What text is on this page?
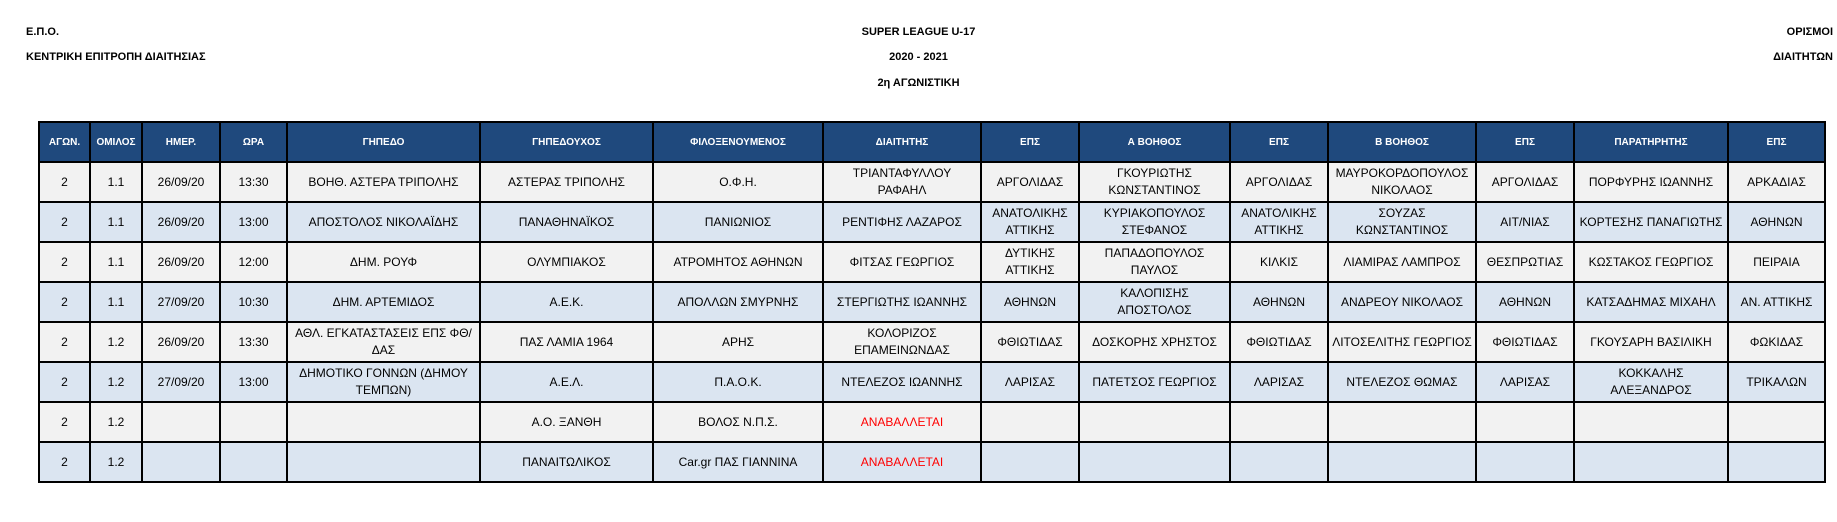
Ε.Π.Ο.
ΚΕΝΤΡΙΚΗ ΕΠΙΤΡΟΠΗ ΔΙΑΙΤΗΣΙΑΣ
SUPER LEAGUE U-17
2020 - 2021
2η ΑΓΩΝΙΣΤΙΚΗ
ΟΡΙΣΜΟΙ
ΔΙΑΙΤΗΤΩΝ
ΑΓΩΝ.	ΟΜΙΛΟΣ	ΗΜΕΡ.	ΩΡΑ	ΓΗΠΕΔΟ	ΓΗΠΕΔΟΥΧΟΣ	ΦΙΛΟΞΕΝΟΥΜΕΝΟΣ	ΔΙΑΙΤΗΤΗΣ	ΕΠΣ	Α ΒΟΗΘΟΣ	ΕΠΣ	Β ΒΟΗΘΟΣ	ΕΠΣ	ΠΑΡΑΤΗΡΗΤΗΣ	ΕΠΣ
2	1.1	26/09/20	13:30	ΒΟΗΘ. ΑΣΤΕΡΑ ΤΡΙΠΟΛΗΣ	ΑΣΤΕΡΑΣ ΤΡΙΠΟΛΗΣ	Ο.Φ.Η.	ΤΡΙΑΝΤΑΦΥΛΛΟΥ ΡΑΦΑΗΛ	ΑΡΓΟΛΙΔΑΣ	ΓΚΟΥΡΙΩΤΗΣ ΚΩΝΣΤΑΝΤΙΝΟΣ	ΑΡΓΟΛΙΔΑΣ	ΜΑΥΡΟΚΟΡΔΟΠΟΥΛΟΣ ΝΙΚΟΛΑΟΣ	ΑΡΓΟΛΙΔΑΣ	ΠΟΡΦΥΡΗΣ ΙΩΑΝΝΗΣ	ΑΡΚΑΔΙΑΣ
2	1.1	26/09/20	13:00	ΑΠΟΣΤΟΛΟΣ ΝΙΚΟΛΑΪΔΗΣ	ΠΑΝΑΘΗΝΑΪΚΟΣ	ΠΑΝΙΩΝΙΟΣ	ΡΕΝΤΙΦΗΣ ΛΑΖΑΡΟΣ	ΑΝΑΤΟΛΙΚΗΣ ΑΤΤΙΚΗΣ	ΚΥΡΙΑΚΟΠΟΥΛΟΣ ΣΤΕΦΑΝΟΣ	ΑΝΑΤΟΛΙΚΗΣ ΑΤΤΙΚΗΣ	ΣΟΥΖΑΣ ΚΩΝΣΤΑΝΤΙΝΟΣ	ΑΙΤ/ΝΙΑΣ	ΚΟΡΤΕΣΗΣ ΠΑΝΑΓΙΩΤΗΣ	ΑΘΗΝΩΝ
2	1.1	26/09/20	12:00	ΔΗΜ. ΡΟΥΦ	ΟΛΥΜΠΙΑΚΟΣ	ΑΤΡΟΜΗΤΟΣ ΑΘΗΝΩΝ	ΦΙΤΣΑΣ ΓΕΩΡΓΙΟΣ	ΔΥΤΙΚΗΣ ΑΤΤΙΚΗΣ	ΠΑΠΑΔΟΠΟΥΛΟΣ ΠΑΥΛΟΣ	ΚΙΛΚΙΣ	ΛΙΑΜΙΡΑΣ ΛΑΜΠΡΟΣ	ΘΕΣΠΡΩΤΙΑΣ	ΚΩΣΤΑΚΟΣ ΓΕΩΡΓΙΟΣ	ΠΕΙΡΑΙΑ
2	1.1	27/09/20	10:30	ΔΗΜ. ΑΡΤΕΜΙΔΟΣ	Α.Ε.Κ.	ΑΠΟΛΛΩΝ ΣΜΥΡΝΗΣ	ΣΤΕΡΓΙΩΤΗΣ ΙΩΑΝΝΗΣ	ΑΘΗΝΩΝ	ΚΑΛΟΠΙΣΗΣ ΑΠΟΣΤΟΛΟΣ	ΑΘΗΝΩΝ	ΑΝΔΡΕΟΥ ΝΙΚΟΛΑΟΣ	ΑΘΗΝΩΝ	ΚΑΤΣΑΔΗΜΑΣ ΜΙΧΑΗΛ	ΑΝ. ΑΤΤΙΚΗΣ
2	1.2	26/09/20	13:30	ΑΘΛ. ΕΓΚΑΤΑΣΤΑΣΕΙΣ ΕΠΣ ΦΘ/ΔΑΣ	ΠΑΣ ΛΑΜΙΑ 1964	ΑΡΗΣ	ΚΟΛΟΡΙΖΟΣ ΕΠΑΜΕΙΝΩΝΔΑΣ	ΦΘΙΩΤΙΔΑΣ	ΔΟΣΚΟΡΗΣ ΧΡΗΣΤΟΣ	ΦΘΙΩΤΙΔΑΣ	ΛΙΤΟΣΕΛΙΤΗΣ ΓΕΩΡΓΙΟΣ	ΦΘΙΩΤΙΔΑΣ	ΓΚΟΥΣΑΡΗ ΒΑΣΙΛΙΚΗ	ΦΩΚΙΔΑΣ
2	1.2	27/09/20	13:00	ΔΗΜΟΤΙΚΟ ΓΟΝΝΩΝ (ΔΗΜΟΥ ΤΕΜΠΩΝ)	Α.Ε.Λ.	Π.Α.Ο.Κ.	ΝΤΕΛΕΖΟΣ ΙΩΑΝΝΗΣ	ΛΑΡΙΣΑΣ	ΠΑΤΕΤΣΟΣ ΓΕΩΡΓΙΟΣ	ΛΑΡΙΣΑΣ	ΝΤΕΛΕΖΟΣ ΘΩΜΑΣ	ΛΑΡΙΣΑΣ	ΚΟΚΚΑΛΗΣ ΑΛΕΞΑΝΔΡΟΣ	ΤΡΙΚΑΛΩΝ
2	1.2				Α.Ο. ΞΑΝΘΗ	ΒΟΛΟΣ Ν.Π.Σ.	ΑΝΑΒΑΛΛΕΤΑΙ							
2	1.2				ΠΑΝΑΙΤΩΛΙΚΟΣ	Car.gr ΠΑΣ ΓΙΑΝΝΙΝΑ	ΑΝΑΒΑΛΛΕΤΑΙ							
